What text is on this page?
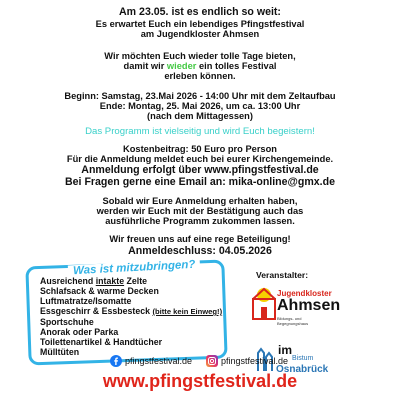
Am 23.05. ist es endlich so weit:
Es erwartet Euch ein lebendiges Pfingstfestival
am Jugendkloster Ahmsen
Wir möchten Euch wieder tolle Tage bieten,
damit wir wieder ein tolles Festival
erleben können.
Beginn: Samstag, 23.Mai 2026 - 14:00 Uhr mit dem Zeltaufbau
Ende: Montag, 25. Mai 2026, um ca. 13:00 Uhr
(nach dem Mittagessen)
Das Programm ist vielseitig und wird Euch begeistern!
Kostenbeitrag: 50 Euro pro Person
Für die Anmeldung meldet euch bei eurer Kirchengemeinde.
Anmeldung erfolgt über www.pfingstfestival.de
Bei Fragen gerne eine Email an: mika-online@gmx.de
Sobald wir Eure Anmeldung erhalten haben,
werden wir Euch mit der Bestätigung auch das
ausführliche Programm zukommen lassen.
Wir freuen uns auf eine rege Beteiligung!
Anmeldeschluss: 04.05.2026
Was ist mitzubringen?
Ausreichend intakte Zelte
Schlafsack & warme Decken
Luftmatratze/Isomatte
Essgeschirr & Essbesteck (bitte kein Einweg!)
Sportschuhe
Anorak oder Parka
Toilettenartikel & Handtücher
Mülltüten
Veranstalter:
Jugendkloster
Ahmsen
Bildungs- und Begegnungshaus
im
Bistum
Osnabrück
pfingstfestival.de	pfingstfestival.de
www.pfingstfestival.de
